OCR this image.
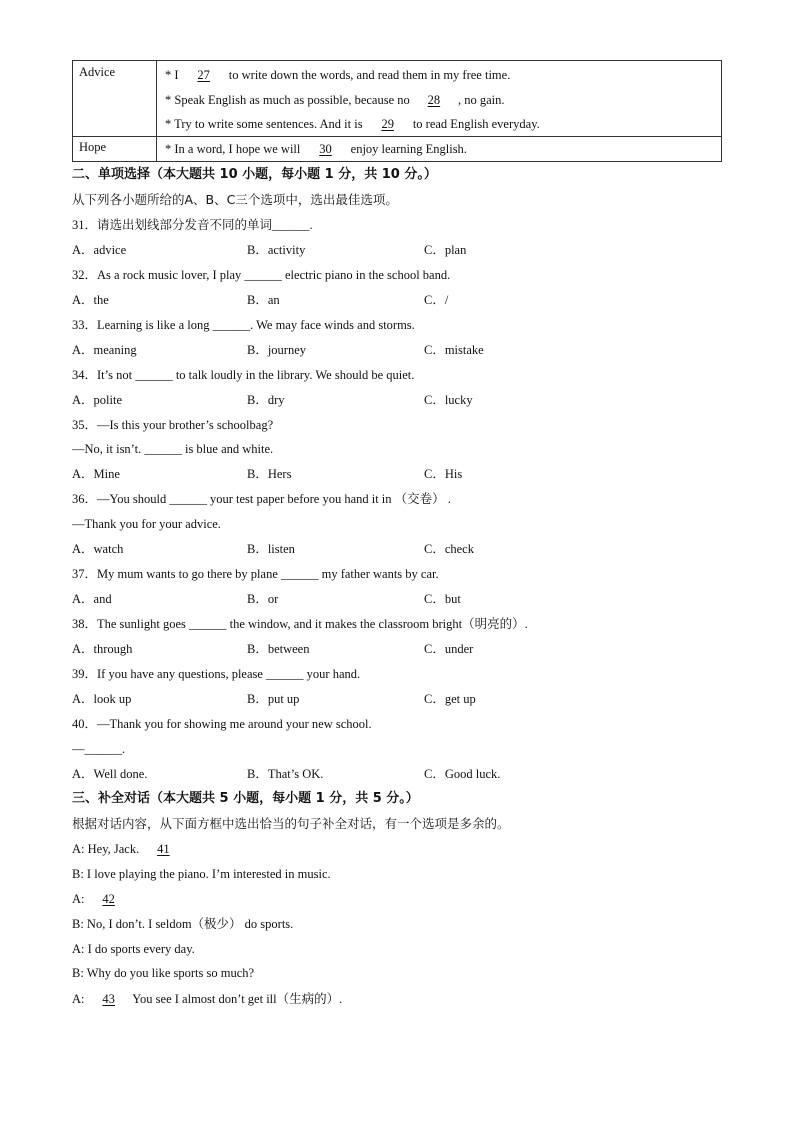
Advice	* I 27 to write down the words, and read them in my free time.
* Speak English as much as possible, because no 28 , no gain.
* Try to write some sentences. And it is 29 to read English everyday.

Hope	* In a word, I hope we will 30 enjoy learning English.
二、单项选择（本大题共 10 小题，每小题 1 分，共 10 分。）
从下列各小题所给的A、B、C三个选项中，选出最佳选项。
31．请选出划线部分发音不同的单词______.
A．advice	B．activity	C．plan
32．As a rock music lover, I play ______ electric piano in the school band.
A．the	B．an	C．/
33．Learning is like a long ______. We may face winds and storms.
A．meaning	B．journey	C．mistake
34．It’s not ______ to talk loudly in the library. We should be quiet.
A．polite	B．dry	C．lucky
35．—Is this your brother’s schoolbag?
—No, it isn’t. ______ is blue and white.
A．Mine	B．Hers	C．His
36．—You should ______ your test paper before you hand it in （交卷） .
—Thank you for your advice.
A．watch	B．listen	C．check
37．My mum wants to go there by plane ______ my father wants by car.
A．and	B．or	C．but
38．The sunlight goes ______ the window, and it makes the classroom bright（明亮的）.
A．through	B．between	C．under
39．If you have any questions, please ______ your hand.
A．look up	B．put up	C．get up
40．—Thank you for showing me around your new school.
—______.
A．Well done.	B．That’s OK.	C．Good luck.
三、补全对话（本大题共 5 小题，每小题 1 分，共 5 分。）
根据对话内容，从下面方框中选出恰当的句子补全对话，有一个选项是多余的。
A: Hey, Jack. 41
B: I love playing the piano. I’m interested in music.
A: 42
B: No, I don’t. I seldom（极少） do sports.
A: I do sports every day.
B: Why do you like sports so much?
A: 43 You see I almost don’t get ill（生病的）.
